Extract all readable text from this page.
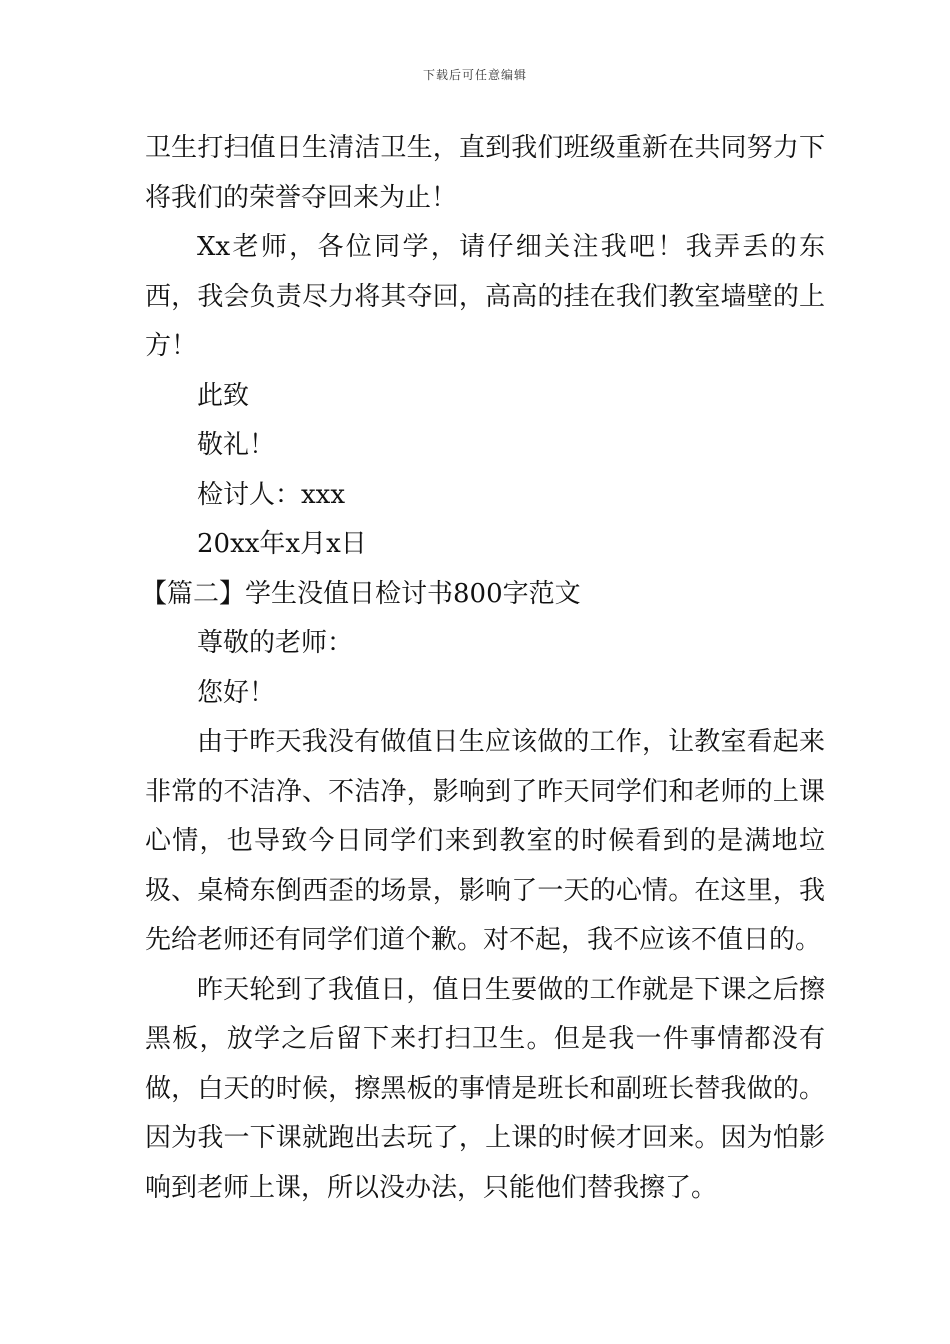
下载后可任意编辑

卫生打扫值日生清洁卫生，直到我们班级重新在共同努力下将我们的荣誉夺回来为止！

Xx老师，各位同学，请仔细关注我吧！我弄丢的东西，我会负责尽力将其夺回，高高的挂在我们教室墙壁的上方！

此致

敬礼！

检讨人：xxx

20xx年x月x日

【篇二】学生没值日检讨书800字范文

尊敬的老师：

您好！

由于昨天我没有做值日生应该做的工作，让教室看起来非常的不洁净、不洁净，影响到了昨天同学们和老师的上课心情，也导致今日同学们来到教室的时候看到的是满地垃圾、桌椅东倒西歪的场景，影响了一天的心情。在这里，我先给老师还有同学们道个歉。对不起，我不应该不值日的。

昨天轮到了我值日，值日生要做的工作就是下课之后擦黑板，放学之后留下来打扫卫生。但是我一件事情都没有做，白天的时候，擦黑板的事情是班长和副班长替我做的。因为我一下课就跑出去玩了，上课的时候才回来。因为怕影响到老师上课，所以没办法，只能他们替我擦了。
